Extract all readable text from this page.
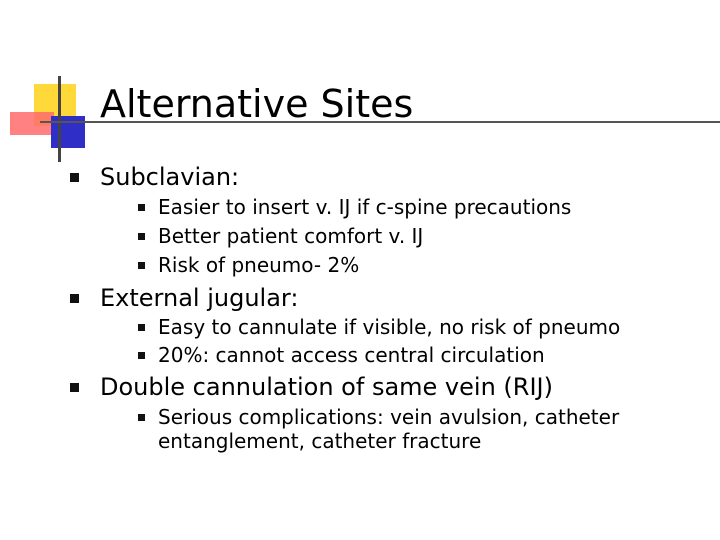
Alternative Sites
Subclavian:
Easier to insert v. IJ if c-spine precautions
Better patient comfort v. IJ
Risk of pneumo- 2%
External jugular:
Easy to cannulate if visible, no risk of pneumo
20%: cannot access central circulation
Double cannulation of same vein (RIJ)
Serious complications: vein avulsion, catheter
entanglement, catheter fracture
